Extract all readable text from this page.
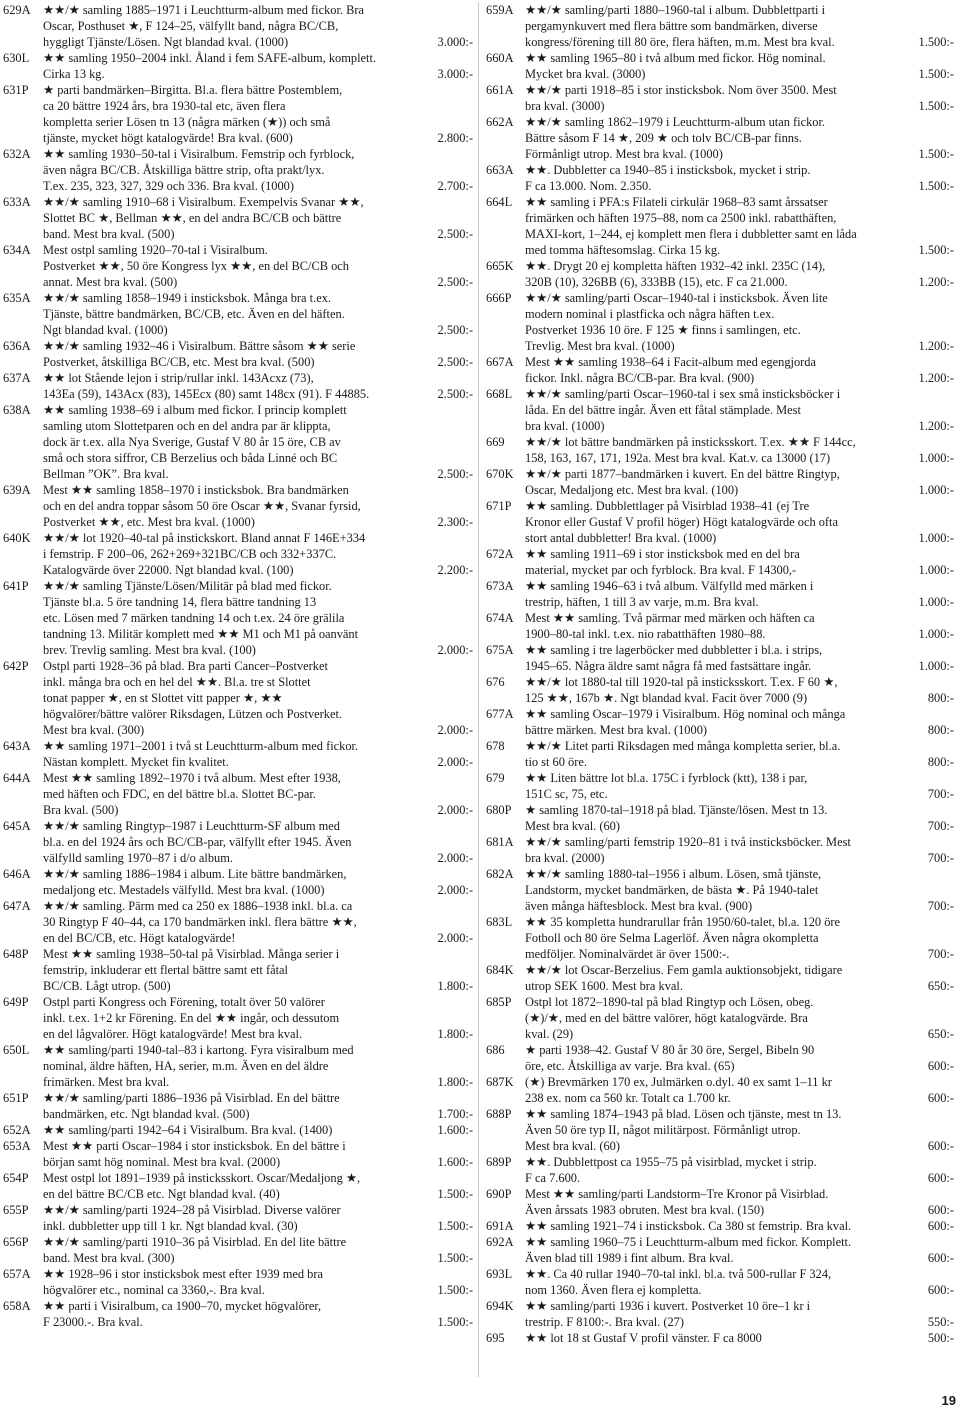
629A	★★/★ samling 1885–1971 i Leuchtturm-album med fickor. Bra
Oscar, Posthuset ★, F 124–25, välfyllt band, några BC/CB,
hyggligt Tjänste/Lösen. Ngt blandad kval. (1000)	3.000:-
630L	★★ samling 1950–2004 inkl. Åland i fem SAFE-album, komplett.
Cirka 13 kg.	3.000:-
631P	★ parti bandmärken–Birgitta. Bl.a. flera bättre Postemblem,
ca 20 bättre 1924 års, bra 1930-tal etc, även flera
kompletta serier Lösen tn 13 (några märken (★)) och små
tjänste, mycket högt katalogvärde! Bra kval. (600)	2.800:-
632A	★★ samling 1930–50-tal i Visiralbum. Femstrip och fyrblock,
även några BC/CB. Åtskilliga bättre strip, ofta prakt/lyx.
T.ex. 235, 323, 327, 329 och 336. Bra kval. (1000)	2.700:-
633A	★★/★ samling 1910–68 i Visiralbum. Exempelvis Svanar ★★,
Slottet BC ★, Bellman ★★, en del andra BC/CB och bättre
band. Mest bra kval. (500)	2.500:-
634A	Mest ostpl samling 1920–70-tal i Visiralbum.
Postverket ★★, 50 öre Kongress lyx ★★, en del BC/CB och
annat. Mest bra kval. (500)	2.500:-
635A	★★/★ samling 1858–1949 i insticksbok. Många bra t.ex.
Tjänste, bättre bandmärken, BC/CB, etc. Även en del häften.
Ngt blandad kval. (1000)	2.500:-
636A	★★/★ samling 1932–46 i Visiralbum. Bättre såsom ★★ serie
Postverket, åtskilliga BC/CB, etc. Mest bra kval. (500)	2.500:-
637A	★★ lot Stående lejon i strip/rullar inkl. 143Acxz (73),
143Ea (59), 143Acx (83), 145Ecx (80) samt 148cx (91). F 44885.	2.500:-
638A	★★ samling 1938–69 i album med fickor. I princip komplett
samling utom Slottetparen och en del andra par är klippta,
dock är t.ex. alla Nya Sverige, Gustaf V 80 år 15 öre, CB av
små och stora siffror, CB Berzelius och båda Linné och BC
Bellman ”OK”. Bra kval.	2.500:-
639A	Mest ★★ samling 1858–1970 i insticksbok. Bra bandmärken
och en del andra toppar såsom 50 öre Oscar ★★, Svanar fyrsid,
Postverket ★★, etc. Mest bra kval. (1000)	2.300:-
640K	★★/★ lot 1920–40-tal på instickskort. Bland annat F 146E+334
i femstrip. F 200–06, 262+269+321BC/CB och 332+337C.
Katalogvärde över 22000. Ngt blandad kval. (100)	2.200:-
641P	★★/★ samling Tjänste/Lösen/Militär på blad med fickor.
Tjänste bl.a. 5 öre tandning 14, flera bättre tandning 13
etc. Lösen med 7 märken tandning 14 och t.ex. 24 öre grälila
tandning 13. Militär komplett med ★★ M1 och M1 på oanvänt
brev. Trevlig samling. Mest bra kval. (100)	2.000:-
642P	Ostpl parti 1928–36 på blad. Bra parti Cancer–Postverket
inkl. många bra och en hel del ★★. Bl.a. tre st Slottet
tonat papper ★, en st Slottet vitt papper ★, ★★
högvalörer/bättre valörer Riksdagen, Lützen och Postverket.
Mest bra kval. (300)	2.000:-
643A	★★ samling 1971–2001 i två st Leuchtturm-album med fickor.
Nästan komplett. Mycket fin kvalitet.	2.000:-
644A	Mest ★★ samling 1892–1970 i två album. Mest efter 1938,
med häften och FDC, en del bättre bl.a. Slottet BC-par.
Bra kval. (500)	2.000:-
645A	★★/★ samling Ringtyp–1987 i Leuchtturm-SF album med
bl.a. en del 1924 års och BC/CB-par, välfyllt efter 1945. Även
välfylld samling 1970–87 i d/o album.	2.000:-
646A	★★/★ samling 1886–1984 i album. Lite bättre bandmärken,
medaljong etc. Mestadels välfylld. Mest bra kval. (1000)	2.000:-
647A	★★/★ samling. Pärm med ca 250 ex 1886–1938 inkl. bl.a. ca
30 Ringtyp F 40–44, ca 170 bandmärken inkl. flera bättre ★★,
en del BC/CB, etc. Högt katalogvärde!	2.000:-
648P	Mest ★★ samling 1938–50-tal på Visirblad. Många serier i
femstrip, inkluderar ett flertal bättre samt ett fåtal
BC/CB. Lågt utrop. (500)	1.800:-
649P	Ostpl parti Kongress och Förening, totalt över 50 valörer
inkl. t.ex. 1+2 kr Förening. En del ★★ ingår, och dessutom
en del lågvalörer. Högt katalogvärde! Mest bra kval.	1.800:-
650L	★★ samling/parti 1940-tal–83 i kartong. Fyra visiralbum med
nominal, äldre häften, HA, serier, m.m. Även en del äldre
frimärken. Mest bra kval.	1.800:-
651P	★★/★ samling/parti 1886–1936 på Visirblad. En del bättre
bandmärken, etc. Ngt blandad kval. (500)	1.700:-
652A	★★ samling/parti 1942–64 i Visiralbum. Bra kval. (1400)	1.600:-
653A	Mest ★★ parti Oscar–1984 i stor insticksbok. En del bättre i
början samt hög nominal. Mest bra kval. (2000)	1.600:-
654P	Mest ostpl lot 1891–1939 på insticksskort. Oscar/Medaljong ★,
en del bättre BC/CB etc. Ngt blandad kval. (40)	1.500:-
655P	★★/★ samling/parti 1924–28 på Visirblad. Diverse valörer
inkl. dubbletter upp till 1 kr. Ngt blandad kval. (30)	1.500:-
656P	★★/★ samling/parti 1910–36 på Visirblad. En del lite bättre
band. Mest bra kval. (300)	1.500:-
657A	★★ 1928–96 i stor insticksbok mest efter 1939 med bra
högvalörer etc., nominal ca 3360,-. Bra kval.	1.500:-
658A	★★ parti i Visiralbum, ca 1900–70, mycket högvalörer,
F 23000.-. Bra kval.	1.500:-
659A ★★/★ samling/parti 1880–1960-tal i album. Dubblettparti i
pergamynkuvert med flera bättre som bandmärken, diverse
kongress/förening till 80 öre, flera häften, m.m. Mest bra kval.	1.500:-
660A ★★ samling 1965–80 i två album med fickor. Hög nominal.
Mycket bra kval. (3000)	1.500:-
661A ★★/★ parti 1918–85 i stor insticksbok. Nom över 3500. Mest
bra kval. (3000)	1.500:-
662A ★★/★ samling 1862–1979 i Leuchtturm-album utan fickor.
Bättre såsom F 14 ★, 209 ★ och tolv BC/CB-par finns.
Förmånligt utrop. Mest bra kval. (1000)	1.500:-
663A ★★. Dubbletter ca 1940–85 i insticksbok, mycket i strip.
F ca 13.000. Nom. 2.350.	1.500:-
664L	★★ samling i PFA:s Filateli cirkulär 1968–83 samt årssatser
frimärken och häften 1975–88, nom ca 2500 inkl. rabatthäften,
MAXI-kort, 1–244, ej komplett men flera i dubbletter samt en låda
med tomma häftesomslag. Cirka 15 kg.	1.500:-
665K ★★. Drygt 20 ej kompletta häften 1932–42 inkl. 235C (14),
320B (10), 326BB (6), 333BB (15), etc. F ca 21.000.	1.200:-
666P	★★/★ samling/parti Oscar–1940-tal i insticksbok. Även lite
modern nominal i plastficka och några häften t.ex.
Postverket 1936 10 öre. F 125 ★ finns i samlingen, etc.
Trevlig. Mest bra kval. (1000)	1.200:-
667A Mest ★★ samling 1938–64 i Facit-album med egengjorda
fickor. Inkl. några BC/CB-par. Bra kval. (900)	1.200:-
668L	★★/★ samling/parti Oscar–1960-tal i sex små insticksböcker i
låda. En del bättre ingår. Även ett fåtal stämplade. Mest
bra kval. (1000)	1.200:-
669	★★/★ lot bättre bandmärken på insticksskort. T.ex. ★★ F 144cc,
158, 163, 167, 171, 192a. Mest bra kval. Kat.v. ca 13000 (17)	1.000:-
670K ★★/★ parti 1877–bandmärken i kuvert. En del bättre Ringtyp,
Oscar, Medaljong etc. Mest bra kval. (100)	1.000:-
671P	★★ samling. Dubblettlager på Visirblad 1938–41 (ej Tre
Kronor eller Gustaf V profil höger) Högt katalogvärde och ofta
stort antal dubbletter! Bra kval. (1000)	1.000:-
672A ★★ samling 1911–69 i stor insticksbok med en del bra
material, mycket par och fyrblock. Bra kval. F 14300,-	1.000:-
673A ★★ samling 1946–63 i två album. Välfylld med märken i
trestrip, häften, 1 till 3 av varje, m.m. Bra kval.	1.000:-
674A Mest ★★ samling. Två pärmar med märken och häften ca
1900–80-tal inkl. t.ex. nio rabatthäften 1980–88.	1.000:-
675A ★★ samling i tre lagerböcker med dubbletter i bl.a. i strips,
1945–65. Några äldre samt några få med fastsättare ingår.	1.000:-
676	★★/★ lot 1880-tal till 1920-tal på insticksskort. T.ex. F 60 ★,
125 ★★, 167b ★. Ngt blandad kval. Facit över 7000 (9)	800:-
677A ★★ samling Oscar–1979 i Visiralbum. Hög nominal och många
bättre märken. Mest bra kval. (1000)	800:-
678	★★/★ Litet parti Riksdagen med många kompletta serier, bl.a.
tio st 60 öre.	800:-
679	★★ Liten bättre lot bl.a. 175C i fyrblock (ktt), 138 i par,
151C sc, 75, etc.	700:-
680P	★ samling 1870-tal–1918 på blad. Tjänste/lösen. Mest tn 13.
Mest bra kval. (60)	700:-
681A ★★/★ samling/parti femstrip 1920–81 i två insticksböcker. Mest
bra kval. (2000)	700:-
682A ★★/★ samling 1880-tal–1956 i album. Lösen, små tjänste,
Landstorm, mycket bandmärken, de bästa ★. På 1940-talet
även många häftesblock. Mest bra kval. (900)	700:-
683L	★★ 35 kompletta hundrarullar från 1950/60-talet, bl.a. 120 öre
Fotboll och 80 öre Selma Lagerlöf. Även några okompletta
medföljer. Nominalvärdet är över 1500:-.	700:-
684K ★★/★ lot Oscar-Berzelius. Fem gamla auktionsobjekt, tidigare
utrop SEK 1600. Mest bra kval.	650:-
685P	Ostpl lot 1872–1890-tal på blad Ringtyp och Lösen, obeg.
(★)/★, med en del bättre valörer, högt katalogvärde. Bra
kval. (29)	650:-
686	★ parti 1938–42. Gustaf V 80 år 30 öre, Sergel, Bibeln 90
öre, etc. Åtskilliga av varje. Bra kval. (65)	600:-
687K (★) Brevmärken 170 ex, Julmärken o.dyl. 40 ex samt 1–11 kr
238 ex. nom ca 560 kr. Totalt ca 1.700 kr.	600:-
688P	★★ samling 1874–1943 på blad. Lösen och tjänste, mest tn 13.
Även 50 öre typ II, något militärpost. Förmånligt utrop.
Mest bra kval. (60)	600:-
689P	★★. Dubblettpost ca 1955–75 på visirblad, mycket i strip.
F ca 7.600.	600:-
690P	Mest ★★ samling/parti Landstorm–Tre Kronor på Visirblad.
Även årssats 1983 obruten. Mest bra kval. (150)	600:-
691A ★★ samling 1921–74 i insticksbok. Ca 380 st femstrip. Bra kval.	600:-
692A ★★ samling 1960–75 i Leuchtturm-album med fickor. Komplett.
Även blad till 1989 i fint album. Bra kval.	600:-
693L	★★. Ca 40 rullar 1940–70-tal inkl. bl.a. två 500-rullar F 324,
nom 1360. Även flera ej kompletta.	600:-
694K ★★ samling/parti 1936 i kuvert. Postverket 10 öre–1 kr i
trestrip. F 8100:-. Bra kval. (27)	550:-
695	★★ lot 18 st Gustaf V profil vänster. F ca 8000	500:-
19
